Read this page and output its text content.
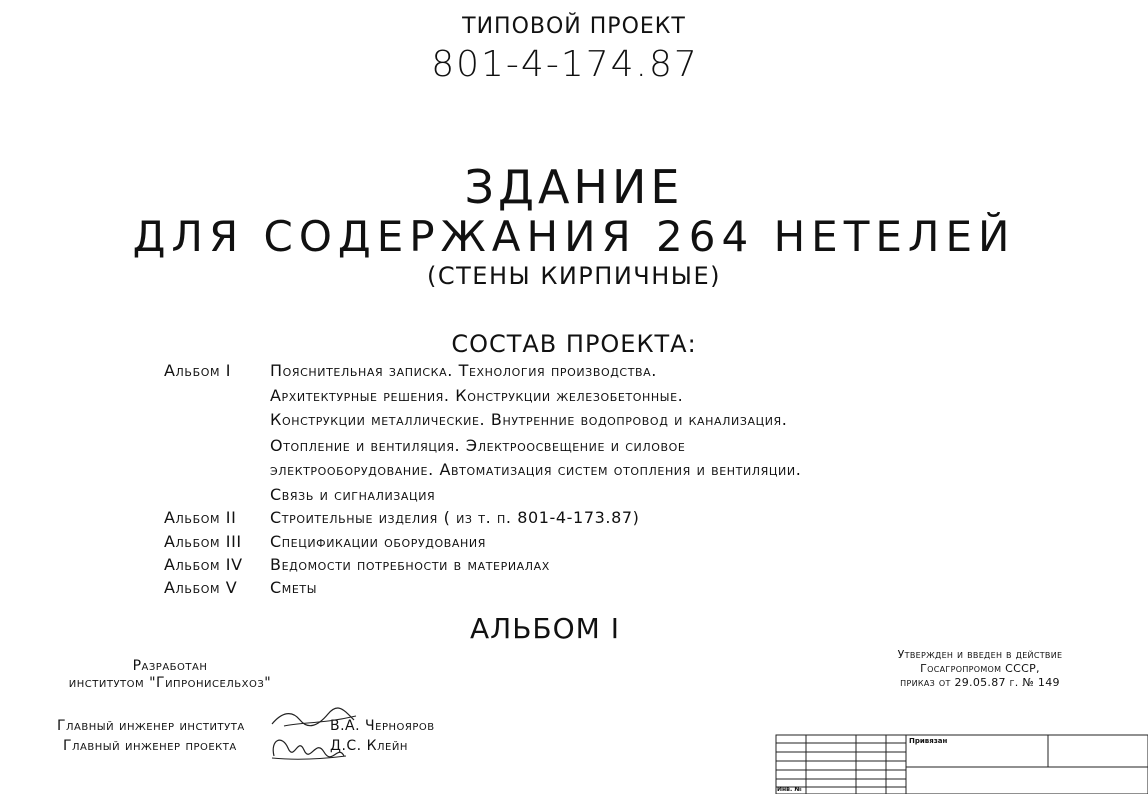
ТИПОВОЙ ПРОЕКТ
801-4-174.87
ЗДАНИЕ
ДЛЯ СОДЕРЖАНИЯ 264 НЕТЕЛЕЙ
(СТЕНЫ КИРПИЧНЫЕ)
СОСТАВ ПРОЕКТА:
Альбом I Пояснительная записка. Технология производства.
Архитектурные решения. Конструкции железобетонные.
Конструкции металлические. Внутренние водопровод и канализация.
Отопление и вентиляция. Электроосвещение и силовое
электрооборудование. Автоматизация систем отопления и вентиляции.
Связь и сигнализация
Альбом II Строительные изделия ( из т. п. 801-4-173.87)
Альбом III Спецификации оборудования
Альбом IV Ведомости потребности в материалах
Альбом V Сметы
АЛЬБОМ I
Разработан
институтом "Гипронисельхоз"
Утвержден и введен в действие
Госагропромом СССР,
приказ от 29.05.87 г. № 149
Главный инженер института	В.А. Чернояров
Главный инженер проекта	Д.С. Клейн	Привязан
Инв. №
